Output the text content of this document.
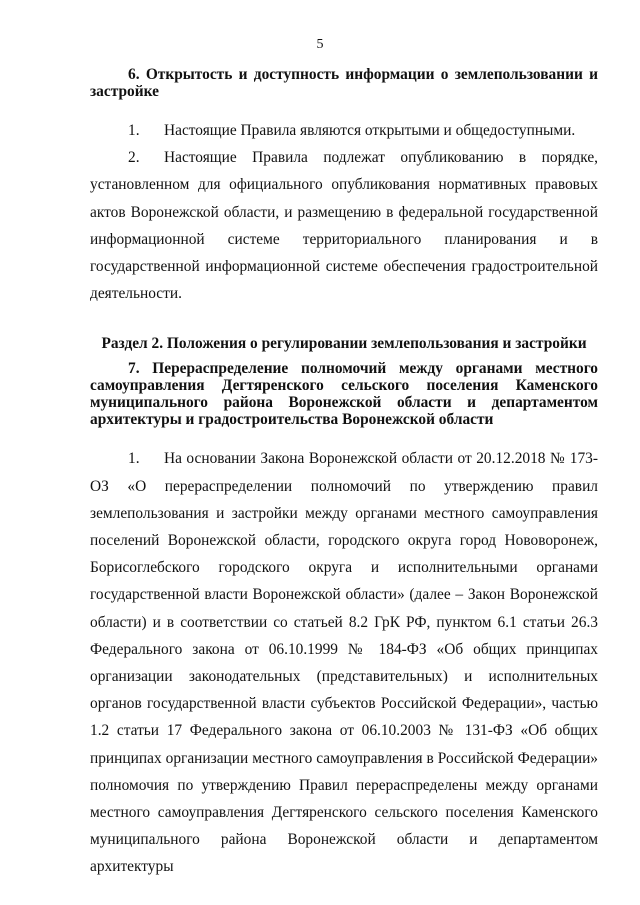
5

6. Открытость и доступность информации о землепользовании и застройке

1. Настоящие Правила являются открытыми и общедоступными.

2. Настоящие Правила подлежат опубликованию в порядке, установленном для официального опубликования нормативных правовых актов Воронежской области, и размещению в федеральной государственной информационной системе территориального планирования и в государственной информационной системе обеспечения градостроительной деятельности.

Раздел 2. Положения о регулировании землепользования и застройки

7. Перераспределение полномочий между органами местного самоуправления Дегтяренского сельского поселения Каменского муниципального района Воронежской области и департаментом архитектуры и градостроительства Воронежской области

1. На основании Закона Воронежской области от 20.12.2018 № 173-ОЗ «О перераспределении полномочий по утверждению правил землепользования и застройки между органами местного самоуправления поселений Воронежской области, городского округа город Нововоронеж, Борисоглебского городского округа и исполнительными органами государственной власти Воронежской области» (далее – Закон Воронежской области) и в соответствии со статьей 8.2 ГрК РФ, пунктом 6.1 статьи 26.3 Федерального закона от 06.10.1999 № 184-ФЗ «Об общих принципах организации законодательных (представительных) и исполнительных органов государственной власти субъектов Российской Федерации», частью 1.2 статьи 17 Федерального закона от 06.10.2003 № 131-ФЗ «Об общих принципах организации местного самоуправления в Российской Федерации» полномочия по утверждению Правил перераспределены между органами местного самоуправления Дегтяренского сельского поселения Каменского муниципального района Воронежской области и департаментом архитектуры
